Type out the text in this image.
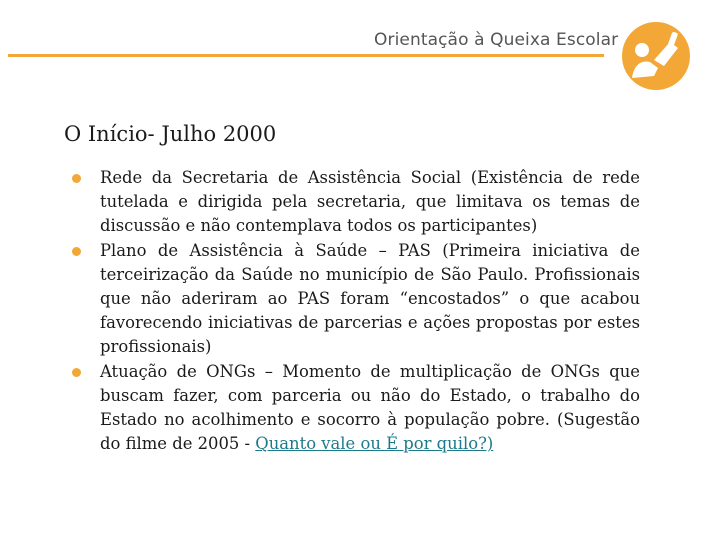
Orientação à Queixa Escolar
O Início- Julho 2000
Rede da Secretaria de Assistência Social (Existência de rede tutelada e dirigida pela secretaria, que limitava os temas de discussão e não contemplava todos os participantes)
Plano de Assistência à Saúde – PAS (Primeira iniciativa de terceirização da Saúde no município de São Paulo. Profissionais que não aderiram ao PAS foram “encostados” o que acabou favorecendo iniciativas de parcerias e ações propostas por estes profissionais)
Atuação de ONGs – Momento de multiplicação de ONGs que buscam fazer, com parceria ou não do Estado, o trabalho do Estado no acolhimento e socorro à população pobre. (Sugestão do filme de 2005 - Quanto vale ou É por quilo?)
